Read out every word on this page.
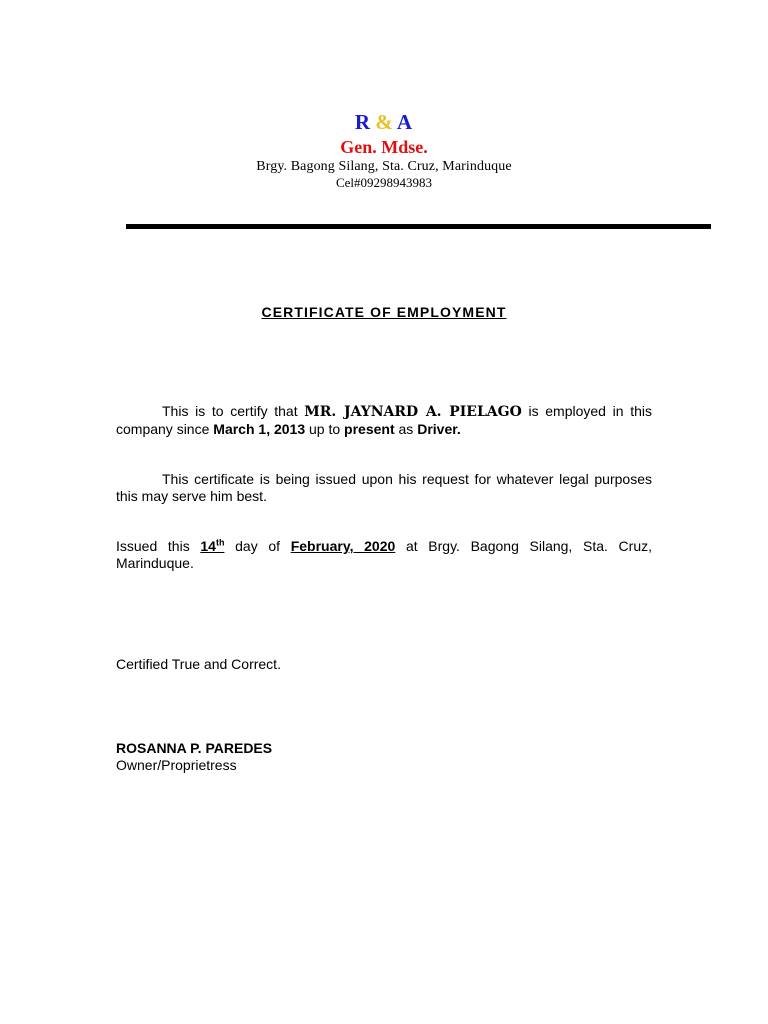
R & A
Gen. Mdse.
Brgy. Bagong Silang, Sta. Cruz, Marinduque
Cel#09298943983
CERTIFICATE OF EMPLOYMENT
This is to certify that MR. JAYNARD A. PIELAGO is employed in this company since March 1, 2013 up to present as Driver.
This certificate is being issued upon his request for whatever legal purposes this may serve him best.
Issued this 14th day of February, 2020 at Brgy. Bagong Silang, Sta. Cruz, Marinduque.
Certified True and Correct.
ROSANNA P. PAREDES
Owner/Proprietress
